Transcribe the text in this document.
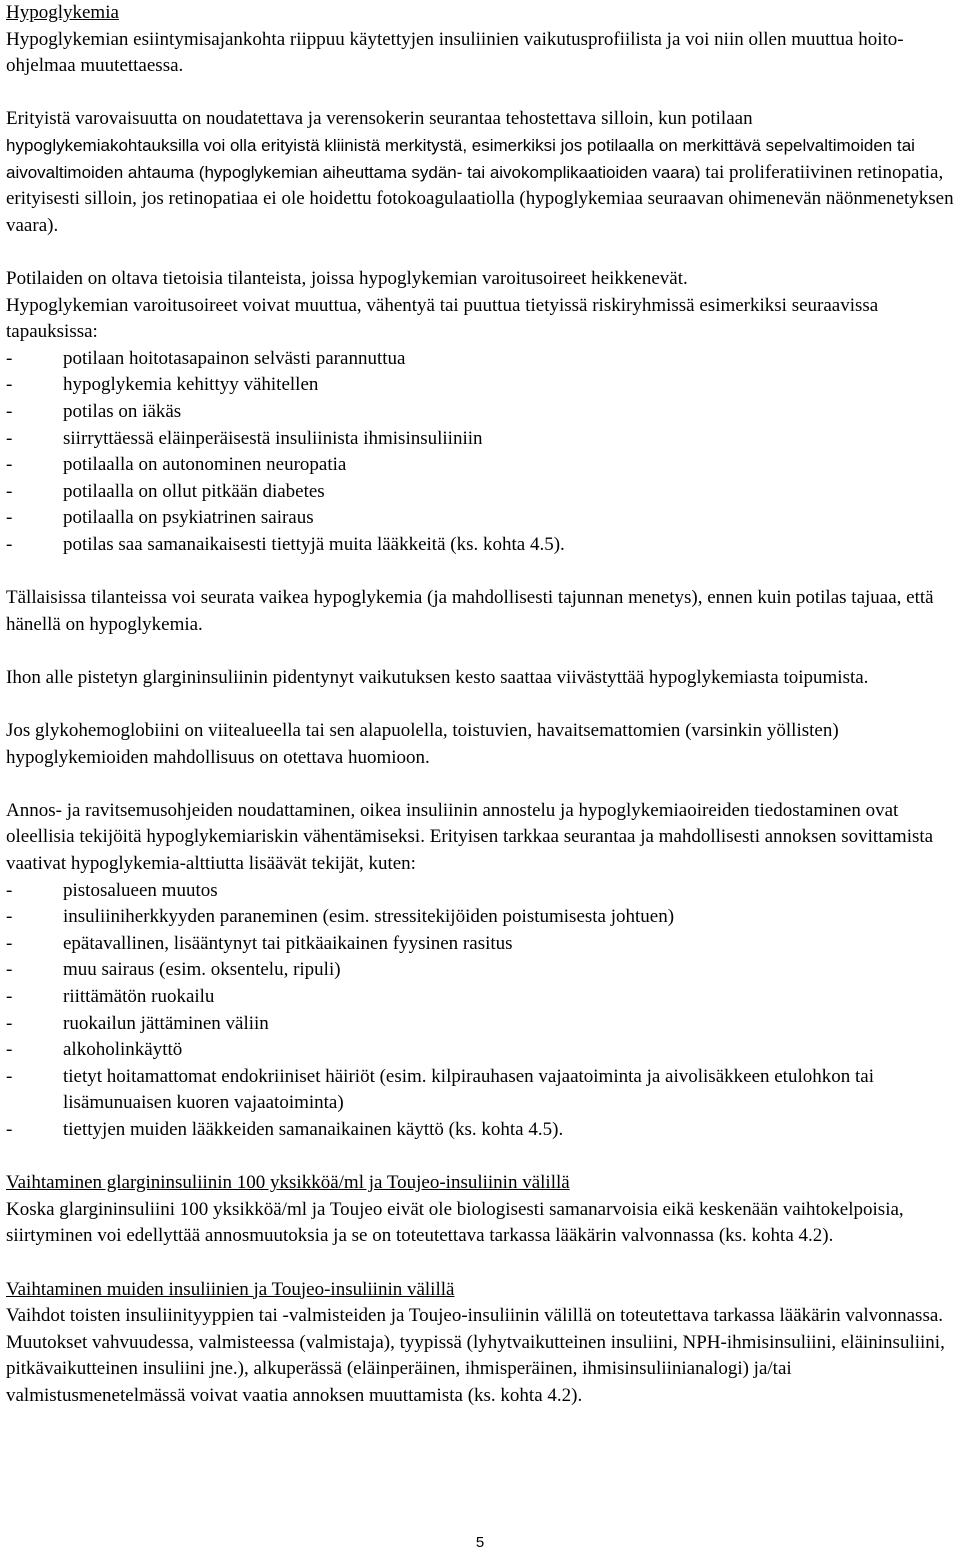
Hypoglykemia

Hypoglykemian esiintymisajankohta riippuu käytettyjen insuliinien vaikutusprofiilista ja voi niin ollen muuttua hoito-ohjelmaa muutettaessa.

Erityistä varovaisuutta on noudatettava ja verensokerin seurantaa tehostettava silloin, kun potilaan
hypoglykemiakohtauksilla voi olla erityistä kliinistä merkitystä, esimerkiksi jos potilaalla on merkittävä sepelvaltimoiden tai aivovaltimoiden ahtauma (hypoglykemian aiheuttama sydän- tai aivokomplikaatioiden vaara) tai proliferatiivinen retinopatia, erityisesti silloin, jos retinopatiaa ei ole hoidettu fotokoagulaatiolla (hypoglykemiaa seuraavan ohimenevän näönmenetyksen vaara).

Potilaiden on oltava tietoisia tilanteista, joissa hypoglykemian varoitusoireet heikkenevät.

Hypoglykemian varoitusoireet voivat muuttua, vähentyä tai puuttua tietyissä riskiryhmissä esimerkiksi seuraavissa tapauksissa:

-	potilaan hoitotasapainon selvästi parannuttua
-	hypoglykemia kehittyy vähitellen
-	potilas on iäkäs
-	siirryttäessä eläinperäisestä insuliinista ihmisinsuliiniin
-	potilaalla on autonominen neuropatia
-	potilaalla on ollut pitkään diabetes
-	potilaalla on psykiatrinen sairaus
-	potilas saa samanaikaisesti tiettyjä muita lääkkeitä (ks. kohta 4.5).

Tällaisissa tilanteissa voi seurata vaikea hypoglykemia (ja mahdollisesti tajunnan menetys), ennen kuin potilas tajuaa, että hänellä on hypoglykemia.

Ihon alle pistetyn glargininsuliinin pidentynyt vaikutuksen kesto saattaa viivästyttää hypoglykemiasta toipumista.

Jos glykohemoglobiini on viitealueella tai sen alapuolella, toistuvien, havaitsemattomien (varsinkin yöllisten) hypoglykemioiden mahdollisuus on otettava huomioon.

Annos- ja ravitsemusohjeiden noudattaminen, oikea insuliinin annostelu ja hypoglykemiaoireiden tiedostaminen ovat oleellisia tekijöitä hypoglykemiariskin vähentämiseksi. Erityisen tarkkaa seurantaa ja mahdollisesti annoksen sovittamista vaativat hypoglykemia-alttiutta lisäävät tekijät, kuten:

-	pistosalueen muutos
-	insuliiniherkkyyden paraneminen (esim. stressitekijöiden poistumisesta johtuen)
-	epätavallinen, lisääntynyt tai pitkäaikainen fyysinen rasitus
-	muu sairaus (esim. oksentelu, ripuli)
-	riittämätön ruokailu
-	ruokailun jättäminen väliin
-	alkoholinkäyttö
-	tietyt hoitamattomat endokriiniset häiriöt (esim. kilpirauhasen vajaatoiminta ja aivolisäkkeen etulohkon tai lisämunuaisen kuoren vajaatoiminta)
-	tiettyjen muiden lääkkeiden samanaikainen käyttö (ks. kohta 4.5).

Vaihtaminen glargininsuliinin 100 yksikköä/ml ja Toujeo-insuliinin välillä

Koska glargininsuliini 100 yksikköä/ml ja Toujeo eivät ole biologisesti samanarvoisia eikä keskenään vaihtokelpoisia, siirtyminen voi edellyttää annosmuutoksia ja se on toteutettava tarkassa lääkärin valvonnassa (ks. kohta 4.2).

Vaihtaminen muiden insuliinien ja Toujeo-insuliinin välillä

Vaihdot toisten insuliinityyppien tai -valmisteiden ja Toujeo-insuliinin välillä on toteutettava tarkassa lääkärin valvonnassa. Muutokset vahvuudessa, valmisteessa (valmistaja), tyypissä (lyhytvaikutteinen insuliini, NPH-ihmisinsuliini, eläininsuliini, pitkävaikutteinen insuliini jne.), alkuperässä (eläinperäinen, ihmisperäinen, ihmisinsuliinianalogi) ja/tai valmistusmenetelmässä voivat vaatia annoksen muuttamista (ks. kohta 4.2).

5
